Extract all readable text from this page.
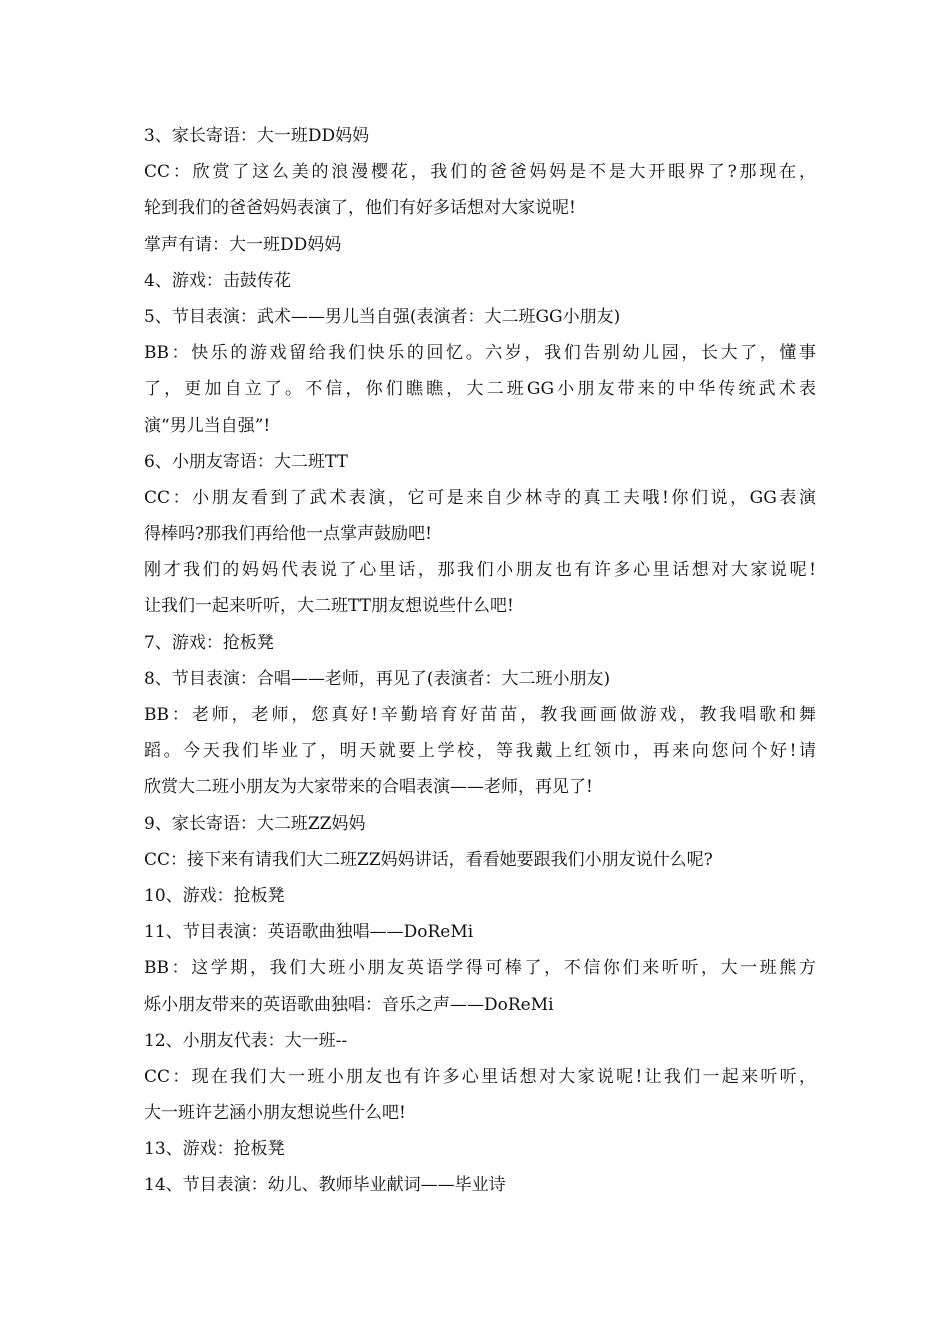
3、家长寄语：大一班DD妈妈
CC：欣赏了这么美的浪漫樱花，我们的爸爸妈妈是不是大开眼界了?那现在，
轮到我们的爸爸妈妈表演了，他们有好多话想对大家说呢!
掌声有请：大一班DD妈妈
4、游戏：击鼓传花
5、节目表演：武术——男儿当自强(表演者：大二班GG小朋友)
BB：快乐的游戏留给我们快乐的回忆。六岁，我们告别幼儿园，长大了，懂事
了，更加自立了。不信，你们瞧瞧，大二班GG小朋友带来的中华传统武术表
演“男儿当自强”!
6、小朋友寄语：大二班TT
CC：小朋友看到了武术表演，它可是来自少林寺的真工夫哦!你们说，GG表演
得棒吗?那我们再给他一点掌声鼓励吧!
刚才我们的妈妈代表说了心里话，那我们小朋友也有许多心里话想对大家说呢!
让我们一起来听听，大二班TT朋友想说些什么吧!
7、游戏：抢板凳
8、节目表演：合唱——老师，再见了(表演者：大二班小朋友)
BB：老师，老师，您真好!辛勤培育好苗苗，教我画画做游戏，教我唱歌和舞
蹈。今天我们毕业了，明天就要上学校，等我戴上红领巾，再来向您问个好!请
欣赏大二班小朋友为大家带来的合唱表演——老师，再见了!
9、家长寄语：大二班ZZ妈妈
CC：接下来有请我们大二班ZZ妈妈讲话，看看她要跟我们小朋友说什么呢?
10、游戏：抢板凳
11、节目表演：英语歌曲独唱——DoReMi
BB：这学期，我们大班小朋友英语学得可棒了，不信你们来听听，大一班熊方
烁小朋友带来的英语歌曲独唱：音乐之声——DoReMi
12、小朋友代表：大一班--
CC：现在我们大一班小朋友也有许多心里话想对大家说呢!让我们一起来听听，
大一班许艺涵小朋友想说些什么吧!
13、游戏：抢板凳
14、节目表演：幼儿、教师毕业献词——毕业诗
